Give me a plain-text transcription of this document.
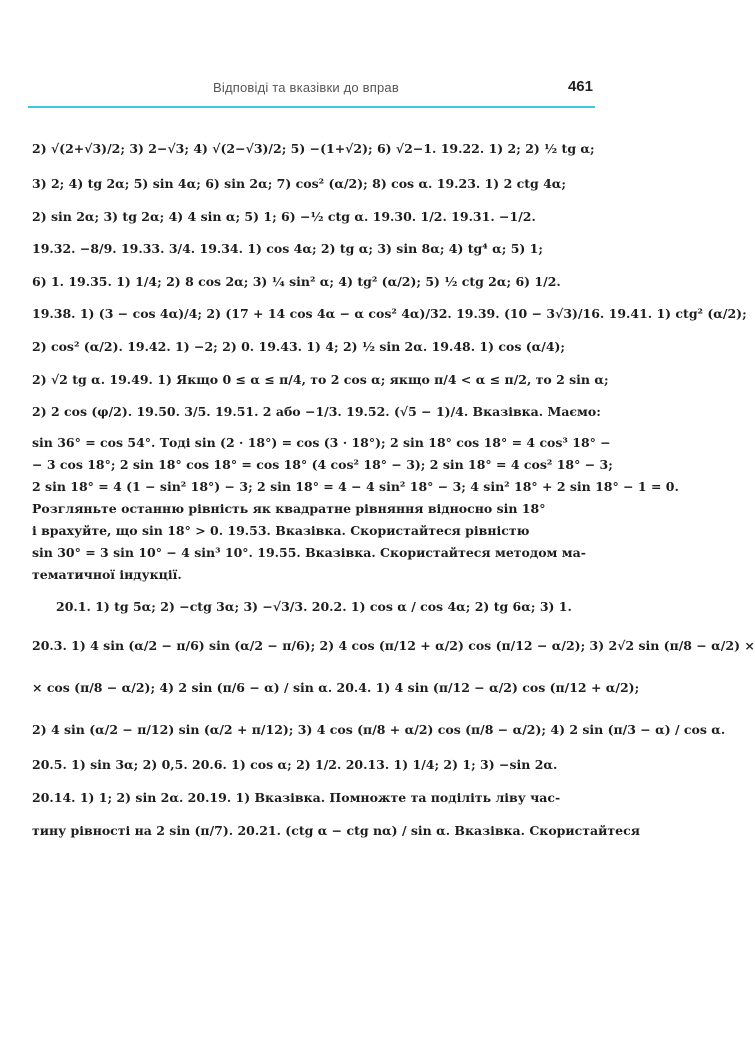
Відповіді та вказівки до вправ	461
2) √(2+√3)/2; 3) 2−√3; 4) √(2−√3)/2; 5) −(1+√2); 6) √2−1. 19.22. 1) 2; 2) ½ tg α;
3) 2; 4) tg 2α; 5) sin 4α; 6) sin 2α; 7) cos² (α/2); 8) cos α. 19.23. 1) 2 ctg 4α;
2) sin 2α; 3) tg 2α; 4) 4 sin α; 5) 1; 6) −½ ctg α. 19.30. 1/2. 19.31. −1/2.
19.32. −8/9. 19.33. 3/4. 19.34. 1) cos 4α; 2) tg α; 3) sin 8α; 4) tg⁴ α; 5) 1;
6) 1. 19.35. 1) 1/4; 2) 8 cos 2α; 3) ¼ sin² α; 4) tg² (α/2); 5) ½ ctg 2α; 6) 1/2.
19.38. 1) (3 − cos 4α)/4; 2) (17 + 14 cos 4α − α cos² 4α)/32. 19.39. (10 − 3√3)/16. 19.41. 1) ctg² (α/2);
2) cos² (α/2). 19.42. 1) −2; 2) 0. 19.43. 1) 4; 2) ½ sin 2α. 19.48. 1) cos (α/4);
2) √2 tg α. 19.49. 1) Якщо 0 ≤ α ≤ π/4, то 2 cos α; якщо π/4 < α ≤ π/2, то 2 sin α;
2) 2 cos (φ/2). 19.50. 3/5. 19.51. 2 або −1/3. 19.52. (√5 − 1)/4. Вказівка. Маємо:
sin 36° = cos 54°. Тоді sin (2 · 18°) = cos (3 · 18°); 2 sin 18° cos 18° = 4 cos³ 18° −
− 3 cos 18°; 2 sin 18° cos 18° = cos 18° (4 cos² 18° − 3); 2 sin 18° = 4 cos² 18° − 3;
2 sin 18° = 4 (1 − sin² 18°) − 3; 2 sin 18° = 4 − 4 sin² 18° − 3; 4 sin² 18° + 2 sin 18° − 1 = 0.
Розгляньте останню рівність як квадратне рівняння відносно sin 18°
і врахуйте, що sin 18° > 0. 19.53. Вказівка. Скористайтеся рівністю
sin 30° = 3 sin 10° − 4 sin³ 10°. 19.55. Вказівка. Скористайтеся методом ма-
тематичної індукції.
20.1. 1) tg 5α; 2) −ctg 3α; 3) −√3/3. 20.2. 1) cos α / cos 4α; 2) tg 6α; 3) 1.
20.3. 1) 4 sin (α/2 − π/6) sin (α/2 − π/6); 2) 4 cos (π/12 + α/2) cos (π/12 − α/2); 3) 2√2 sin (π/8 − α/2) ×
× cos (π/8 − α/2); 4) 2 sin (π/6 − α) / sin α. 20.4. 1) 4 sin (π/12 − α/2) cos (π/12 + α/2);
2) 4 sin (α/2 − π/12) sin (α/2 + π/12); 3) 4 cos (π/8 + α/2) cos (π/8 − α/2); 4) 2 sin (π/3 − α) / cos α.
20.5. 1) sin 3α; 2) 0,5. 20.6. 1) cos α; 2) 1/2. 20.13. 1) 1/4; 2) 1; 3) −sin 2α.
20.14. 1) 1; 2) sin 2α. 20.19. 1) Вказівка. Помножте та поділіть ліву час-
тину рівності на 2 sin (π/7). 20.21. (ctg α − ctg nα) / sin α. Вказівка. Скористайтеся
